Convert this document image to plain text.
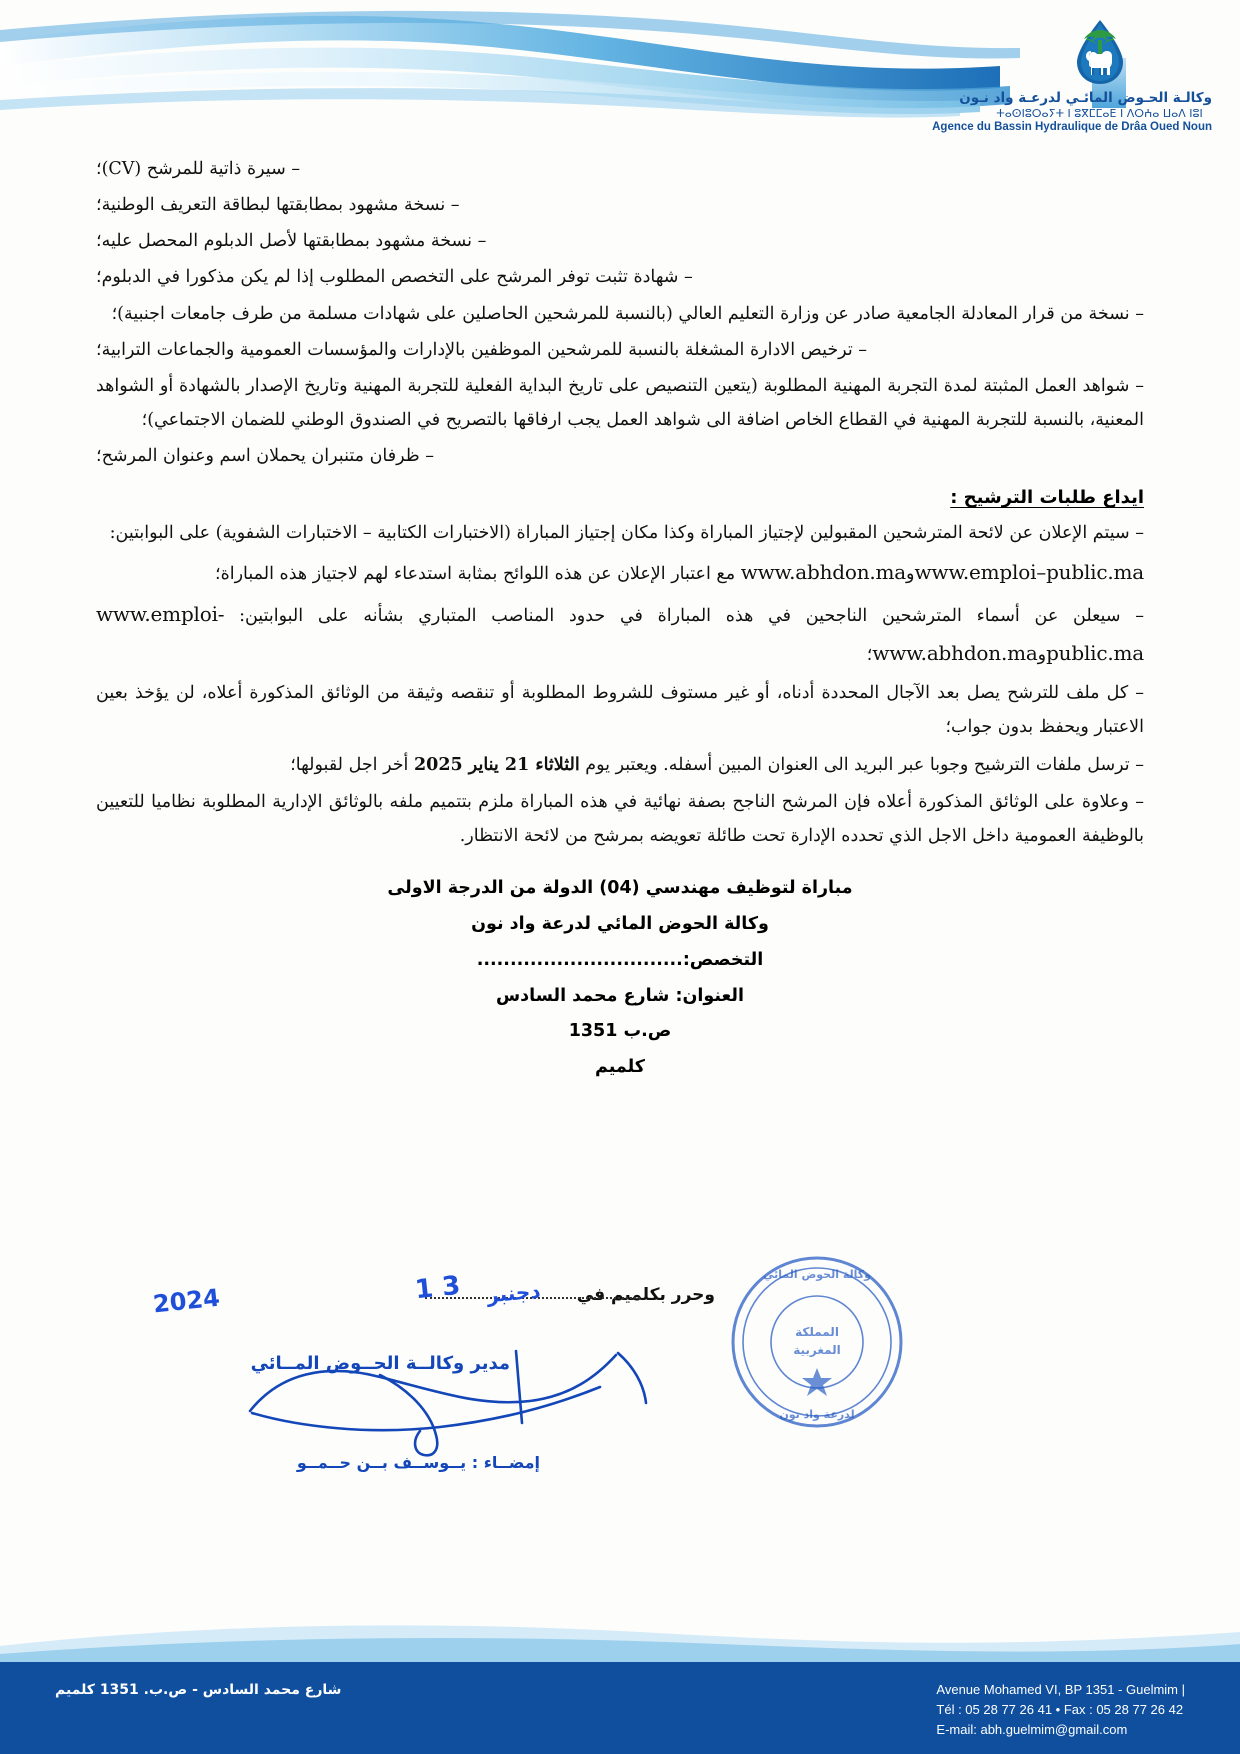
وكالـة الحـوض المائـي لدرعـة واد نـون
ⵜⴰⵙⵏⵓⵔⴰⵢⵜ ⵏ ⵓⴳⵎⵎⴰⴹ ⵏ ⴷⵔⵄⴰ ⵡⴰⴷ ⵏⵓⵏ
Agence du Bassin Hydraulique de Drâa Oued Noun
– سيرة ذاتية للمرشح (CV)؛
– نسخة مشهود بمطابقتها لبطاقة التعريف الوطنية؛
– نسخة مشهود بمطابقتها لأصل الدبلوم المحصل عليه؛
– شهادة تثبت توفر المرشح على التخصص المطلوب إذا لم يكن مذكورا في الدبلوم؛
– نسخة من قرار المعادلة الجامعية صادر عن وزارة التعليم العالي (بالنسبة للمرشحين الحاصلين على شهادات مسلمة من طرف جامعات اجنبية)؛
– ترخيص الادارة المشغلة بالنسبة للمرشحين الموظفين بالإدارات والمؤسسات العمومية والجماعات الترابية؛
– شواهد العمل المثبتة لمدة التجربة المهنية المطلوبة (يتعين التنصيص على تاريخ البداية الفعلية للتجربة المهنية وتاريخ الإصدار بالشهادة أو الشواهد المعنية، بالنسبة للتجربة المهنية في القطاع الخاص اضافة الى شواهد العمل يجب ارفاقها بالتصريح في الصندوق الوطني للضمان الاجتماعي)؛
– ظرفان متنبران يحملان اسم وعنوان المرشح؛
ايداع طلبات الترشيح :

– سيتم الإعلان عن لائحة المترشحين المقبولين لإجتياز المباراة وكذا مكان إجتياز المباراة (الاختبارات الكتابية – الاختبارات الشفوية) على البوابتين:

www.emploi–public.maوwww.abhdon.ma مع اعتبار الإعلان عن هذه اللوائح بمثابة استدعاء لهم لاجتياز هذه المباراة؛

– سيعلن عن أسماء المترشحين الناجحين في هذه المباراة في حدود المناصب المتباري بشأنه على البوابتين: www.emploi-public.maوwww.abhdon.ma؛

– كل ملف للترشح يصل بعد الآجال المحددة أدناه، أو غير مستوف للشروط المطلوبة أو تنقصه وثيقة من الوثائق المذكورة أعلاه، لن يؤخذ بعين الاعتبار ويحفظ بدون جواب؛

– ترسل ملفات الترشيح وجوبا عبر البريد الى العنوان المبين أسفله. ويعتبر يوم الثلاثاء 21 يناير 2025 أخر اجل لقبولها؛

– وعلاوة على الوثائق المذكورة أعلاه فإن المرشح الناجح بصفة نهائية في هذه المباراة ملزم بتتميم ملفه بالوثائق الإدارية المطلوبة نظاميا للتعيين بالوظيفة العمومية داخل الاجل الذي تحدده الإدارة تحت طائلة تعويضه بمرشح من لائحة الانتظار.

مباراة لتوظيف مهندسي (04) الدولة من الدرجة الاولى
وكالة الحوض المائي لدرعة واد نون
التخصص: .....
العنوان: شارع محمد السادس
ص.ب 1351
كلميم
وحرر بكلميم في
3 1 دجنبر
2024
مدير وكالــة الحــوض المــائي
إمضــاء : يــوســف بــن حــمــو
وكالة الحوض المائي
لدرعة واد نون
المملكة
المغربية
Avenue Mohamed VI, BP 1351 - Guelmim |
Tél : 05 28 77 26 41 • Fax : 05 28 77 26 42
E-mail: abh.guelmim@gmail.com
شارع محمد السادس - ص.ب. 1351 كلميم
